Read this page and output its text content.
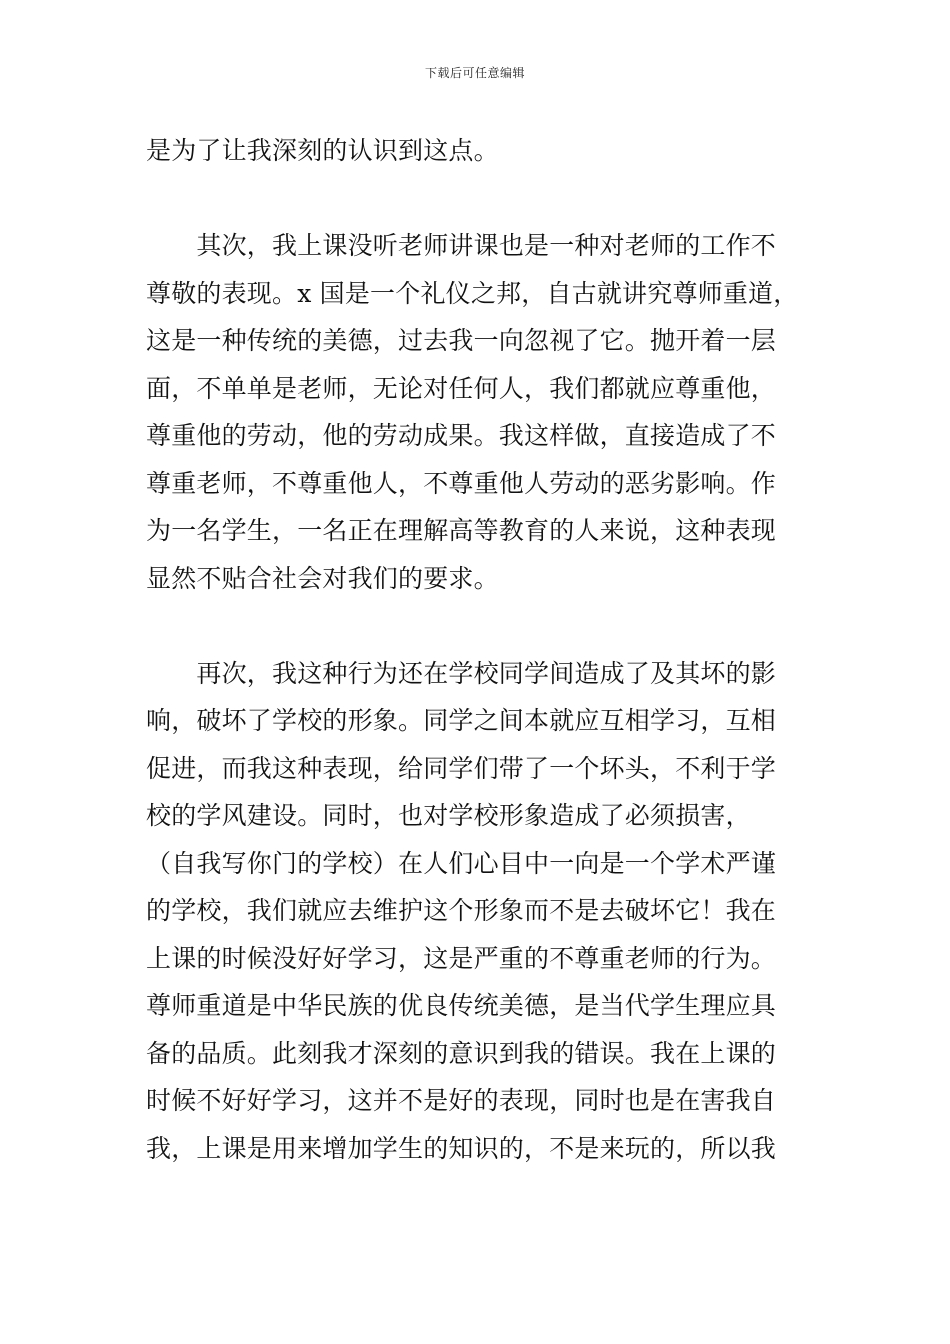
下载后可任意编辑
是为了让我深刻的认识到这点。
　　其次，我上课没听老师讲课也是一种对老师的工作不
尊敬的表现。x 国是一个礼仪之邦，自古就讲究尊师重道，
这是一种传统的美德，过去我一向忽视了它。抛开着一层
面，不单单是老师，无论对任何人，我们都就应尊重他，
尊重他的劳动，他的劳动成果。我这样做，直接造成了不
尊重老师，不尊重他人，不尊重他人劳动的恶劣影响。作
为一名学生，一名正在理解高等教育的人来说，这种表现
显然不贴合社会对我们的要求。
　　再次，我这种行为还在学校同学间造成了及其坏的影
响，破坏了学校的形象。同学之间本就应互相学习，互相
促进，而我这种表现，给同学们带了一个坏头，不利于学
校的学风建设。同时，也对学校形象造成了必须损害，
（自我写你门的学校）在人们心目中一向是一个学术严谨
的学校，我们就应去维护这个形象而不是去破坏它！我在
上课的时候没好好学习，这是严重的不尊重老师的行为。
尊师重道是中华民族的优良传统美德，是当代学生理应具
备的品质。此刻我才深刻的意识到我的错误。我在上课的
时候不好好学习，这并不是好的表现，同时也是在害我自
我，上课是用来增加学生的知识的，不是来玩的，所以我
